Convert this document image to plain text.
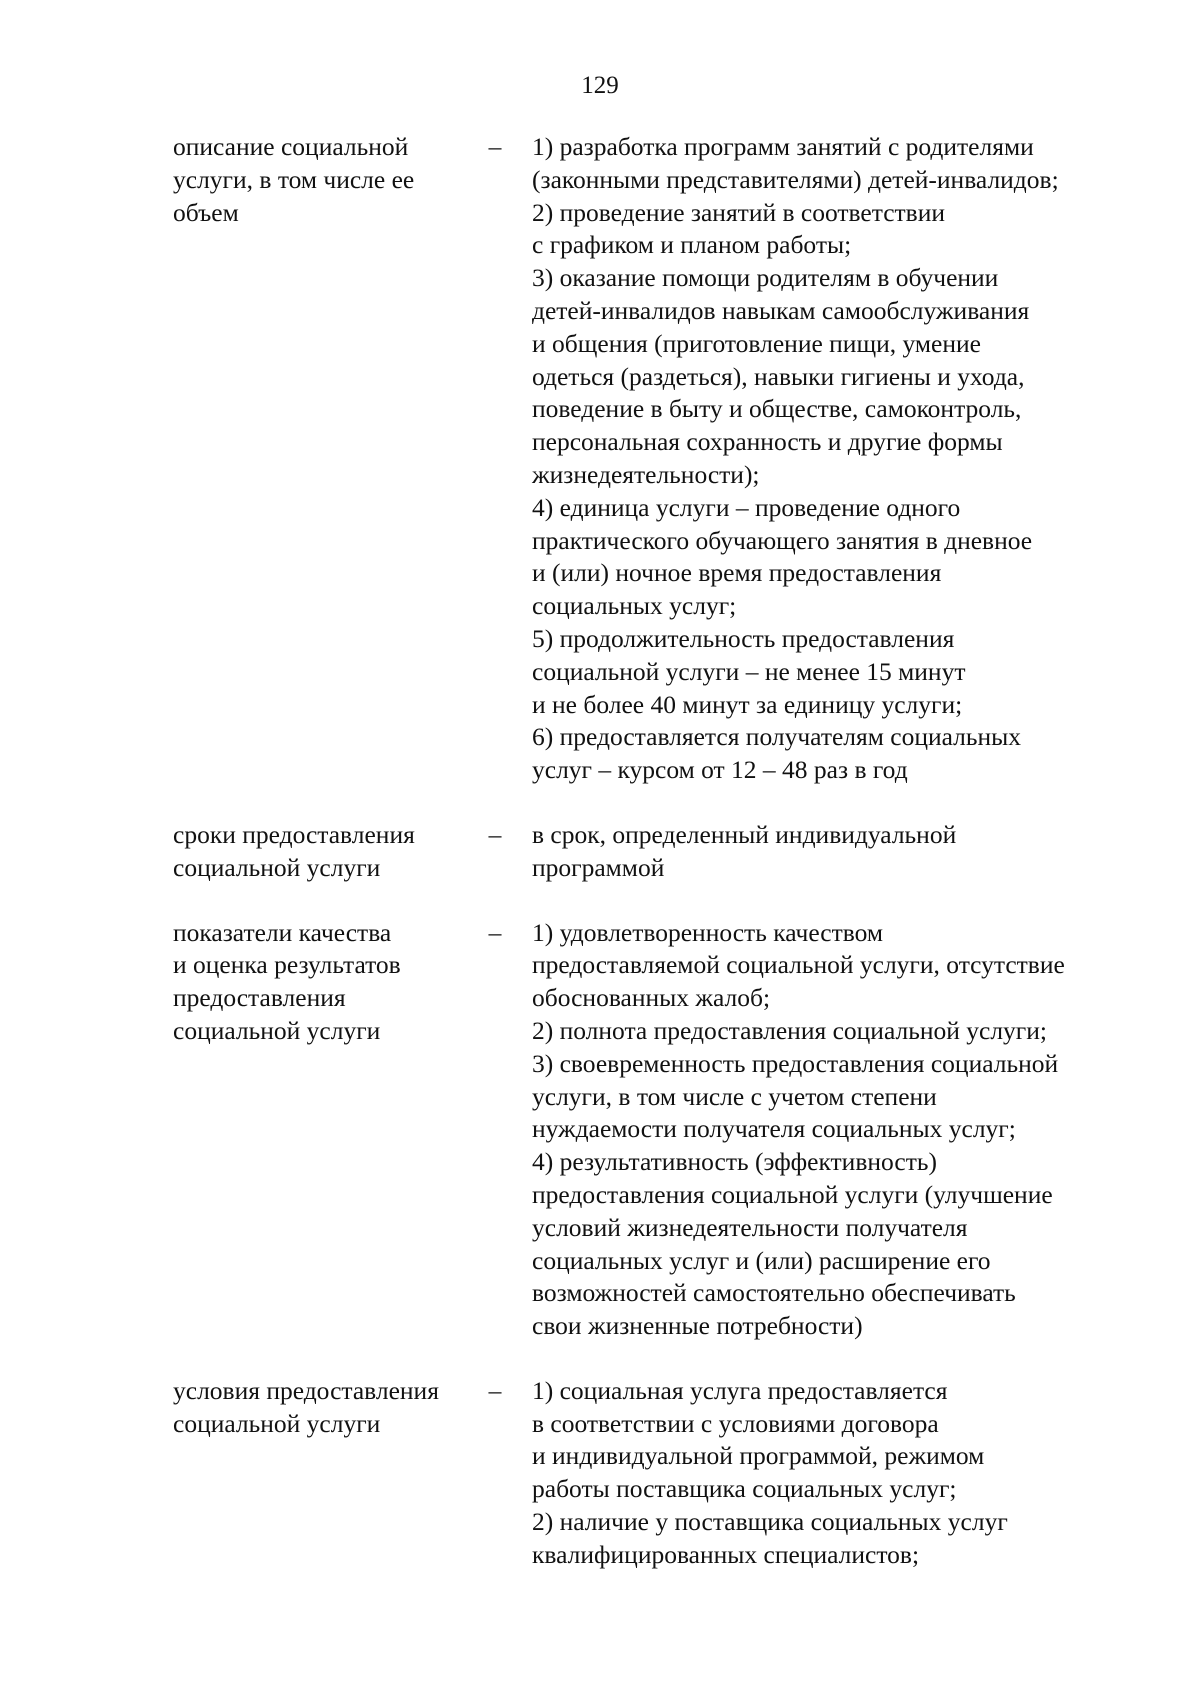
129
описание социальной
услуги, в том числе ее
объем
– 1) разработка программ занятий с родителями
(законными представителями) детей-инвалидов;
2) проведение занятий в соответствии
с графиком и планом работы;
3) оказание помощи родителям в обучении
детей-инвалидов навыкам самообслуживания
и общения (приготовление пищи, умение
одеться (раздеться), навыки гигиены и ухода,
поведение в быту и обществе, самоконтроль,
персональная сохранность и другие формы
жизнедеятельности);
4) единица услуги – проведение одного
практического обучающего занятия в дневное
и (или) ночное время предоставления
социальных услуг;
5) продолжительность предоставления
социальной услуги – не менее 15 минут
и не более 40 минут за единицу услуги;
6) предоставляется получателям социальных
услуг – курсом от 12 – 48 раз в год
сроки предоставления
социальной услуги
– в срок, определенный индивидуальной
программой
показатели качества
и оценка результатов
предоставления
социальной услуги
– 1) удовлетворенность качеством
предоставляемой социальной услуги, отсутствие
обоснованных жалоб;
2) полнота предоставления социальной услуги;
3) своевременность предоставления социальной
услуги, в том числе с учетом степени
нуждаемости получателя социальных услуг;
4) результативность (эффективность)
предоставления социальной услуги (улучшение
условий жизнедеятельности получателя
социальных услуг и (или) расширение его
возможностей самостоятельно обеспечивать
свои жизненные потребности)
условия предоставления
социальной услуги
– 1) социальная услуга предоставляется
в соответствии с условиями договора
и индивидуальной программой, режимом
работы поставщика социальных услуг;
2) наличие у поставщика социальных услуг
квалифицированных специалистов;
